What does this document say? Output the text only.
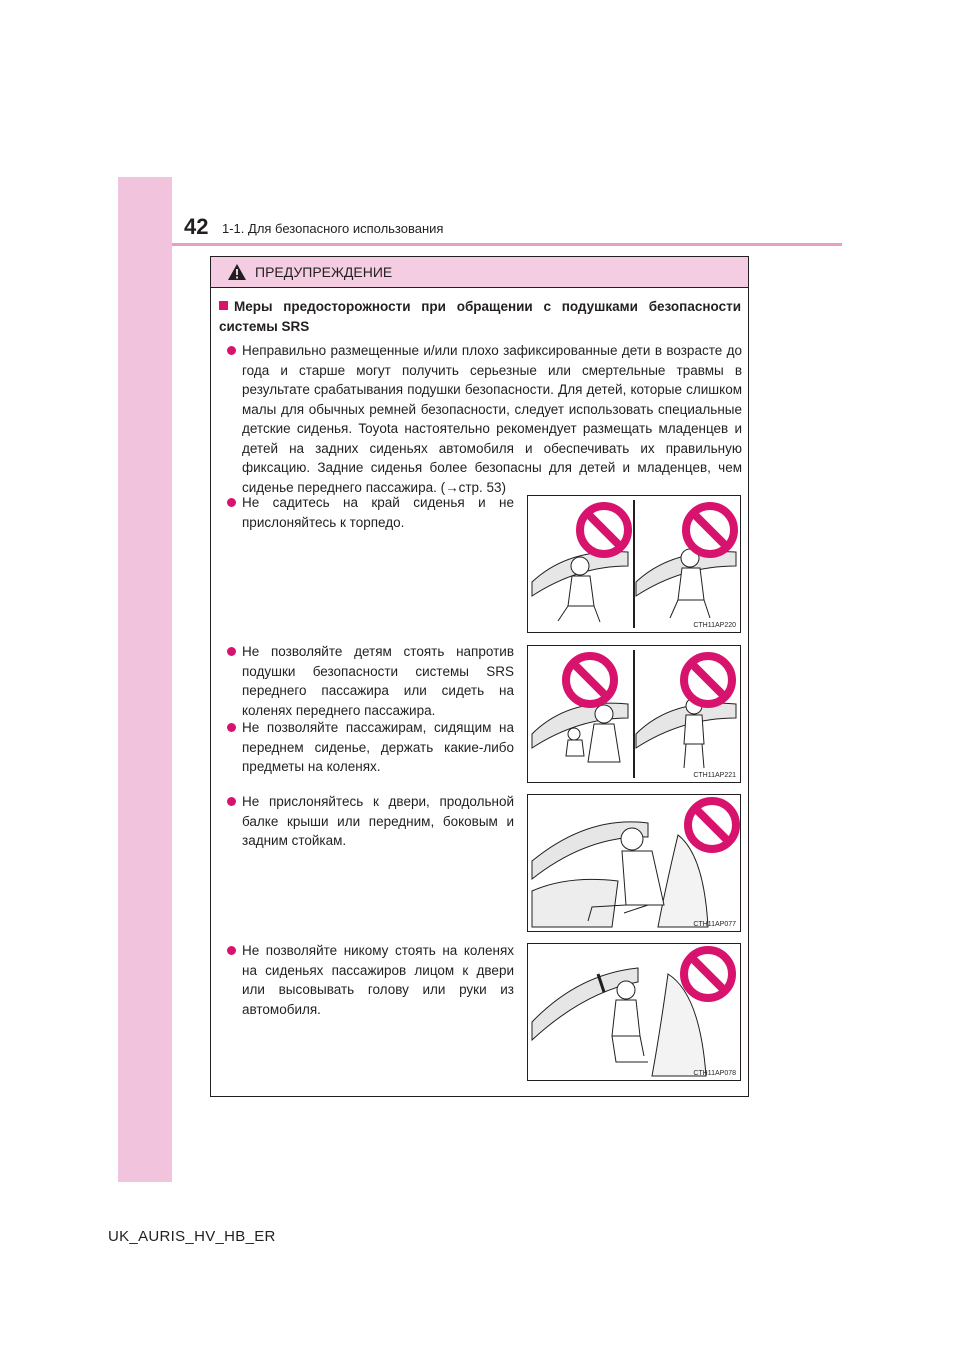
42 1-1. Для безопасного использования
ПРЕДУПРЕЖДЕНИЕ
Меры предосторожности при обращении с подушками безопасности системы SRS

Неправильно размещенные и/или плохо зафиксированные дети в возрасте до года и старше могут получить серьезные или смертельные травмы в результате срабатывания подушки безопасности. Для детей, которые слишком малы для обычных ремней безопасности, следует использовать специальные детские сиденья. Toyota настоятельно рекомендует размещать младенцев и детей на задних сиденьях автомобиля и обеспечивать их правильную фиксацию. Задние сиденья более безопасны для детей и младенцев, чем сиденье переднего пассажира. (→стр. 53)

Не садитесь на край сиденья и не прислоняйтесь к торпедо.

Не позволяйте детям стоять напротив подушки безопасности системы SRS переднего пассажира или сидеть на коленях переднего пассажира.

Не позволяйте пассажирам, сидящим на переднем сиденье, держать какие-либо предметы на коленях.

Не прислоняйтесь к двери, продольной балке крыши или передним, боковым и задним стойкам.

Не позволяйте никому стоять на коленях на сиденьях пассажиров лицом к двери или высовывать голову или руки из автомобиля.

CTH11AP220
CTH11AP221
CTH11AP077
CTH11AP078
UK_AURIS_HV_HB_ER
